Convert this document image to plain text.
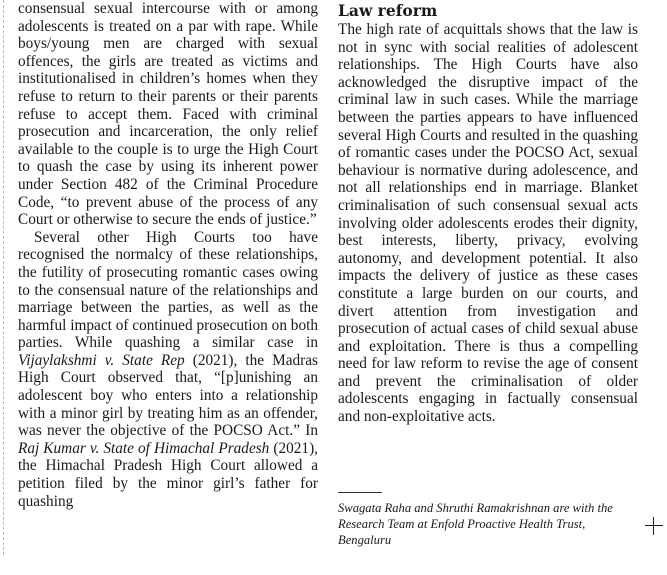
consensual sexual intercourse with or among adolescents is treated on a par with rape. While boys/young men are charged with sexual offences, the girls are treated as victims and institutionalised in children’s homes when they refuse to return to their parents or their parents refuse to accept them. Faced with criminal prosecution and incarceration, the only relief available to the couple is to urge the High Court to quash the case by using its inherent power under Section 482 of the Criminal Procedure Code, “to prevent abuse of the process of any Court or otherwise to secure the ends of justice.”

Several other High Courts too have recognised the normalcy of these relationships, the futility of prosecuting romantic cases owing to the consensual nature of the relationships and marriage between the parties, as well as the harmful impact of continued prosecution on both parties. While quashing a similar case in Vijaylakshmi v. State Rep (2021), the Madras High Court observed that, “[p]unishing an adolescent boy who enters into a relationship with a minor girl by treating him as an offender, was never the objective of the POCSO Act.” In Raj Kumar v. State of Himachal Pradesh (2021), the Himachal Pradesh High Court allowed a petition filed by the minor girl’s father for quashing

Law reform

The high rate of acquittals shows that the law is not in sync with social realities of adolescent relationships. The High Courts have also acknowledged the disruptive impact of the criminal law in such cases. While the marriage between the parties appears to have influenced several High Courts and resulted in the quashing of romantic cases under the POCSO Act, sexual behaviour is normative during adolescence, and not all relationships end in marriage. Blanket criminalisation of such consensual sexual acts involving older adolescents erodes their dignity, best interests, liberty, privacy, evolving autonomy, and development potential. It also impacts the delivery of justice as these cases constitute a large burden on our courts, and divert attention from investigation and prosecution of actual cases of child sexual abuse and exploitation. There is thus a compelling need for law reform to revise the age of consent and prevent the criminalisation of older adolescents engaging in factually consensual and non-exploitative acts.

Swagata Raha and Shruthi Ramakrishnan are with the Research Team at Enfold Proactive Health Trust, Bengaluru
